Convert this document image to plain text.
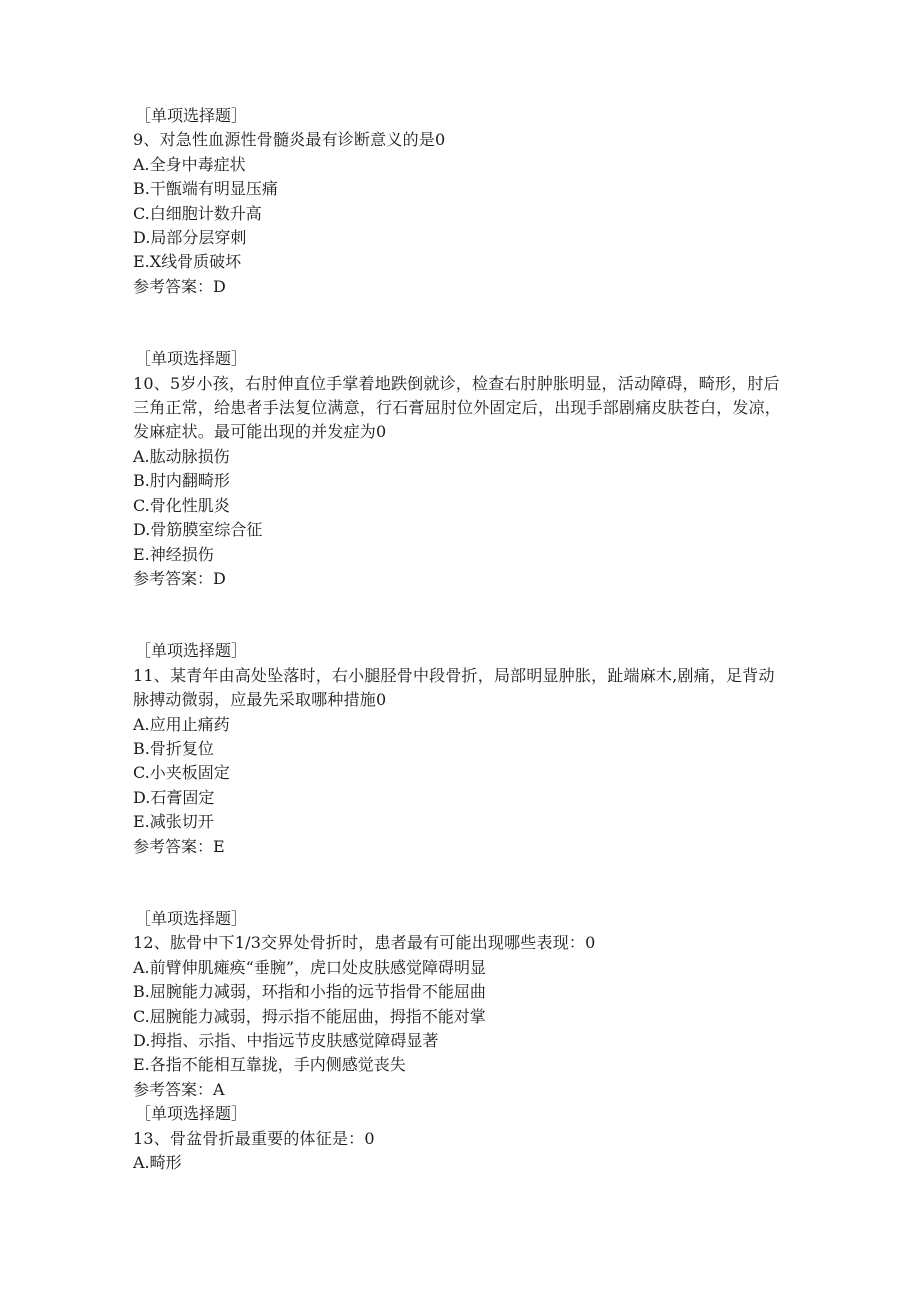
［单项选择题］
9、对急性血源性骨髓炎最有诊断意义的是0
A.全身中毒症状
B.干甑端有明显压痛
C.白细胞计数升高
D.局部分层穿刺
E.X线骨质破坏
参考答案：D
［单项选择题］
10、5岁小孩，右肘伸直位手掌着地跌倒就诊，检查右肘肿胀明显，活动障碍，畸形，肘后三角正常，给患者手法复位满意，行石膏屈肘位外固定后，出现手部剧痛皮肤苍白，发凉，发麻症状。最可能出现的并发症为0
A.肱动脉损伤
B.肘内翻畸形
C.骨化性肌炎
D.骨筋膜室综合征
E.神经损伤
参考答案：D
［单项选择题］
11、某青年由高处坠落时，右小腿胫骨中段骨折，局部明显肿胀，趾端麻木,剧痛，足背动脉搏动微弱，应最先采取哪种措施0
A.应用止痛药
B.骨折复位
C.小夹板固定
D.石膏固定
E.减张切开
参考答案：E
［单项选择题］
12、肱骨中下1/3交界处骨折时，患者最有可能出现哪些表现：0
A.前臂伸肌瘫痪“垂腕”，虎口处皮肤感觉障碍明显
B.屈腕能力减弱，环指和小指的远节指骨不能屈曲
C.屈腕能力减弱，拇示指不能屈曲，拇指不能对掌
D.拇指、示指、中指远节皮肤感觉障碍显著
E.各指不能相互靠拢，手内侧感觉丧失
参考答案：A
［单项选择题］
13、骨盆骨折最重要的体征是：0
A.畸形
